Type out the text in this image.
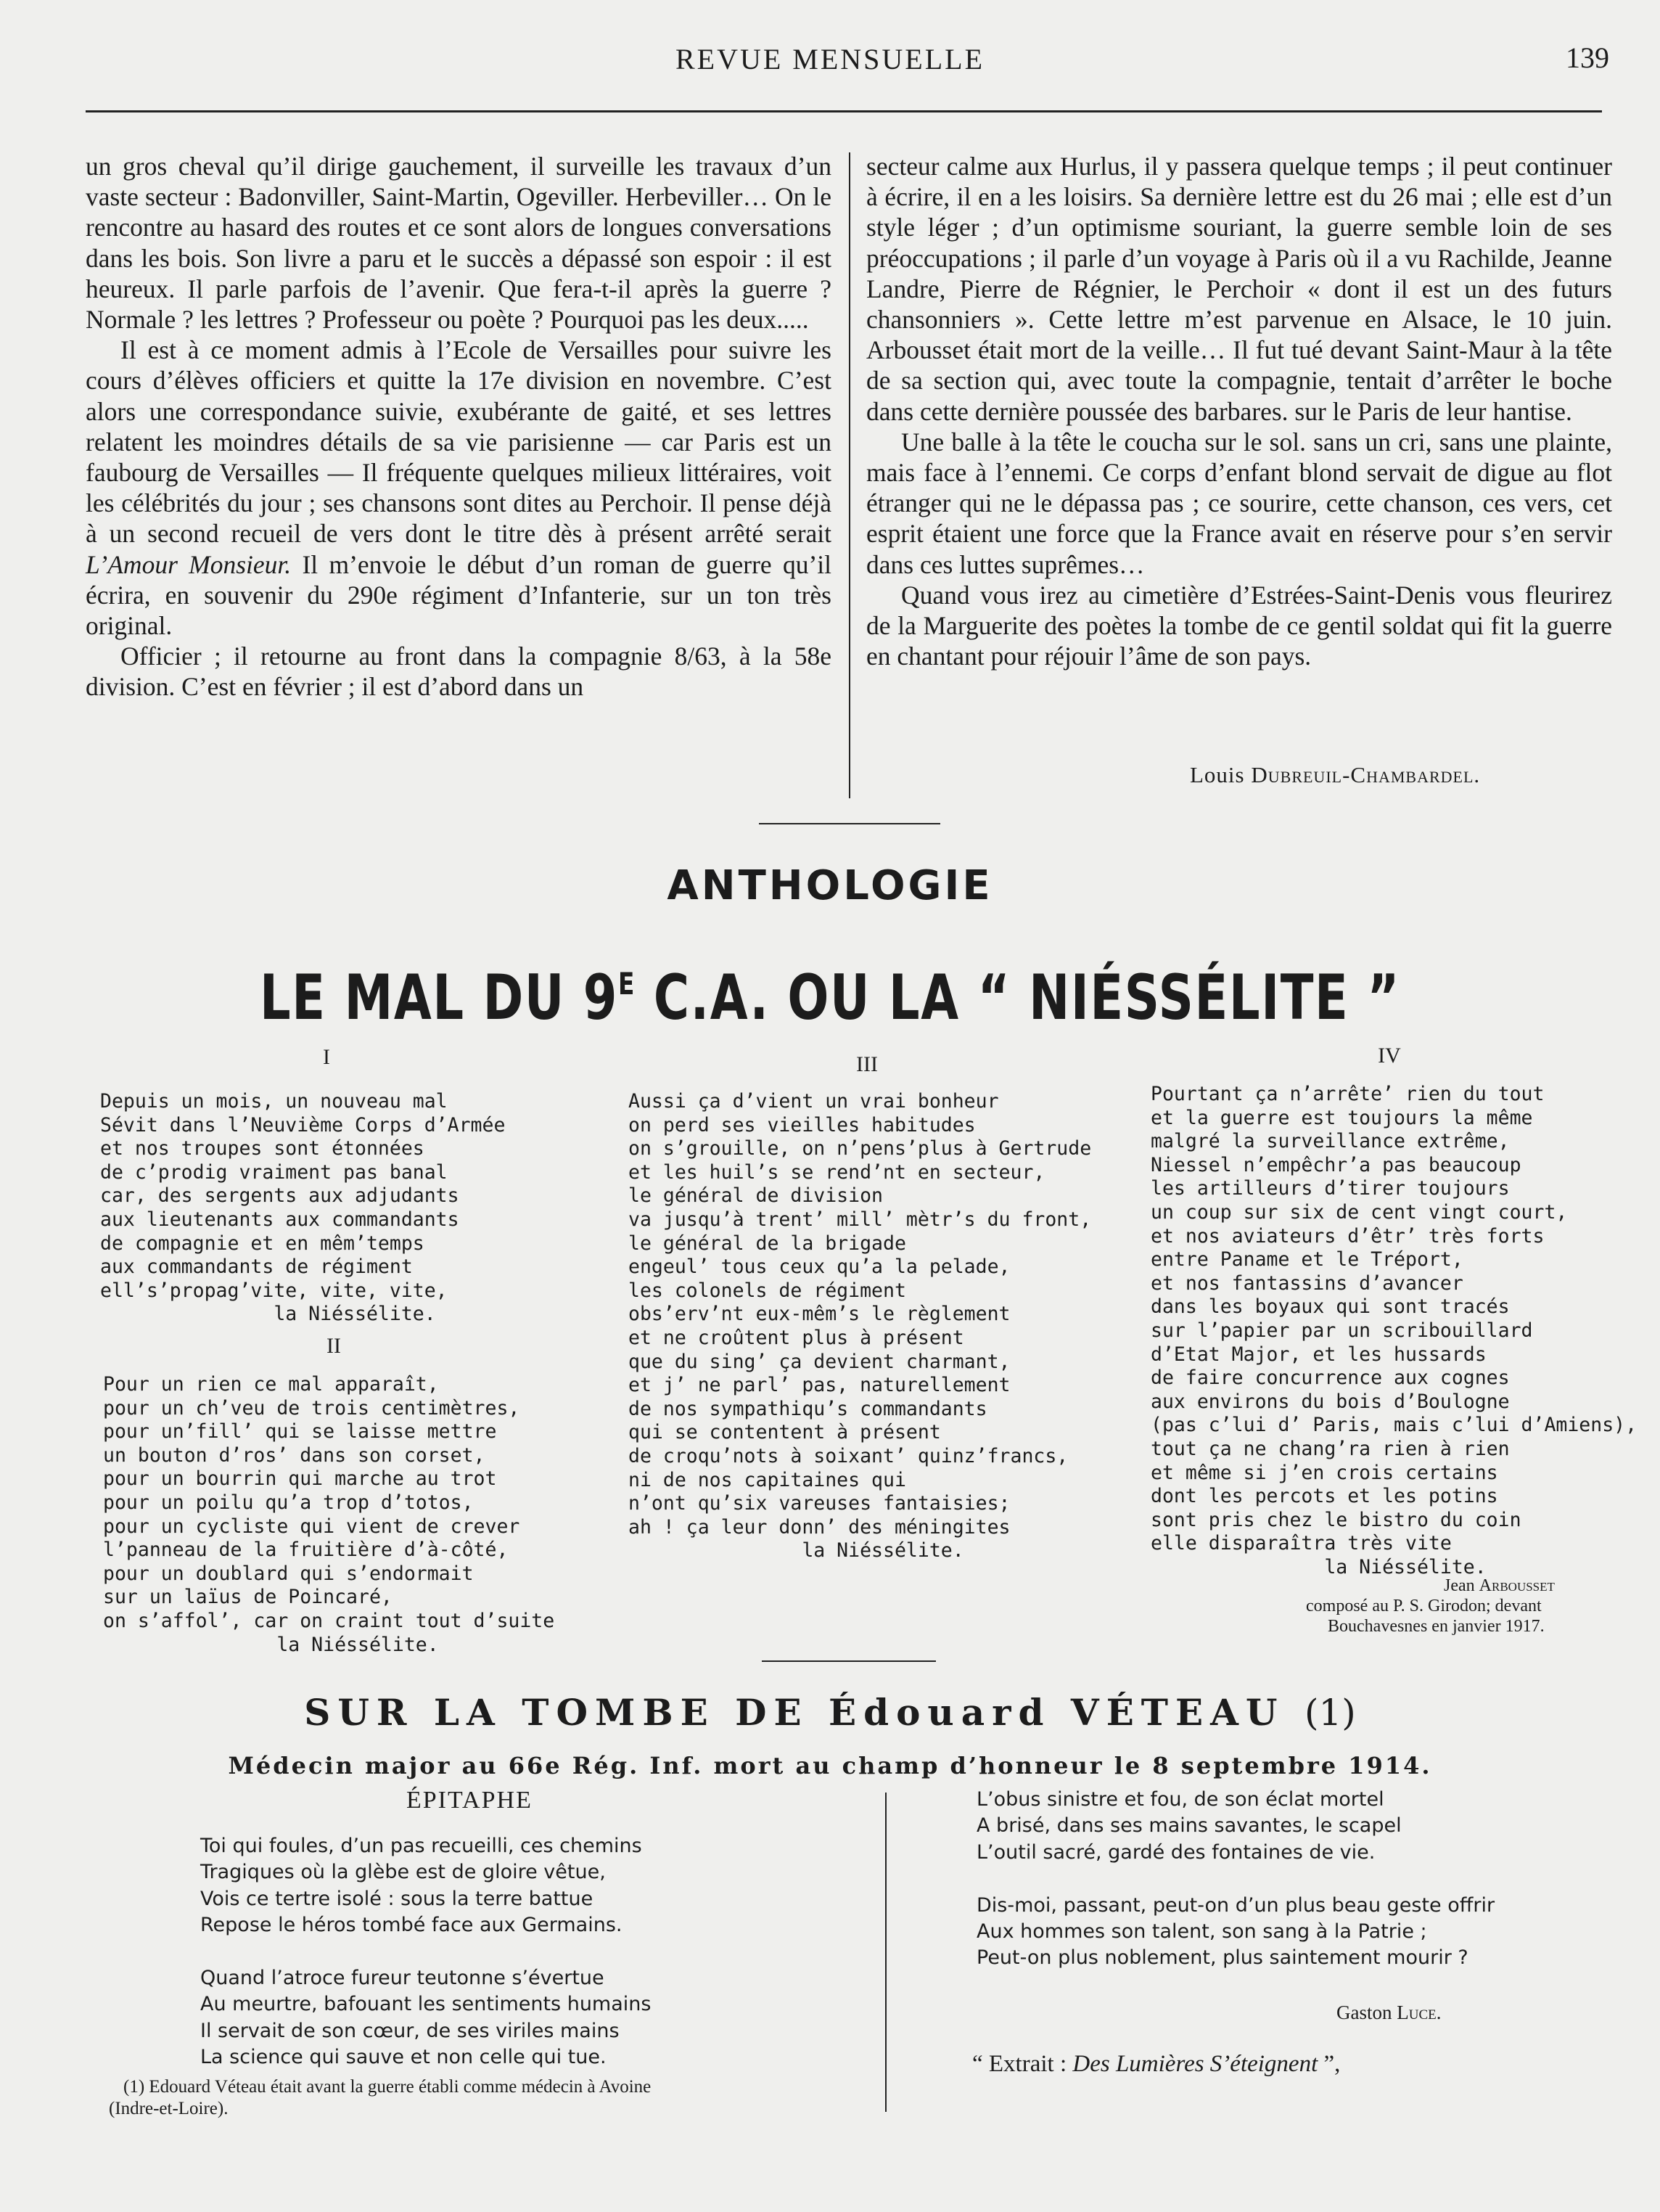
REVUE MENSUELLE	139

un gros cheval qu’il dirige gauchement, il surveille les travaux d’un vaste secteur : Badonviller, Saint-Martin, Ogeviller. Herbeviller… On le rencontre au hasard des routes et ce sont alors de longues conversations dans les bois. Son livre a paru et le succès a dépassé son espoir : il est heureux. Il parle parfois de l’avenir. Que fera-t-il après la guerre ? Normale ? les lettres ? Professeur ou poète ? Pourquoi pas les deux.....

Il est à ce moment admis à l’Ecole de Versailles pour suivre les cours d’élèves officiers et quitte la 17e division en novembre. C’est alors une correspondance suivie, exubérante de gaité, et ses lettres relatent les moindres détails de sa vie parisienne — car Paris est un faubourg de Versailles — Il fréquente quelques milieux littéraires, voit les célébrités du jour ; ses chansons sont dites au Perchoir. Il pense déjà à un second recueil de vers dont le titre dès à présent arrêté serait L’Amour Monsieur. Il m’envoie le début d’un roman de guerre qu’il écrira, en souvenir du 290e régiment d’Infanterie, sur un ton très original.

Officier ; il retourne au front dans la compagnie 8/63, à la 58e division. C’est en février ; il est d’abord dans un

secteur calme aux Hurlus, il y passera quelque temps ; il peut continuer à écrire, il en a les loisirs. Sa dernière lettre est du 26 mai ; elle est d’un style léger ; d’un optimisme souriant, la guerre semble loin de ses préoccupations ; il parle d’un voyage à Paris où il a vu Rachilde, Jeanne Landre, Pierre de Régnier, le Perchoir « dont il est un des futurs chansonniers ». Cette lettre m’est parvenue en Alsace, le 10 juin. Arbousset était mort de la veille… Il fut tué devant Saint-Maur à la tête de sa section qui, avec toute la compagnie, tentait d’arrêter le boche dans cette dernière poussée des barbares. sur le Paris de leur hantise.

Une balle à la tête le coucha sur le sol. sans un cri, sans une plainte, mais face à l’ennemi. Ce corps d’enfant blond servait de digue au flot étranger qui ne le dépassa pas ; ce sourire, cette chanson, ces vers, cet esprit étaient une force que la France avait en réserve pour s’en servir dans ces luttes suprêmes…

Quand vous irez au cimetière d’Estrées-Saint-Denis vous fleurirez de la Marguerite des poètes la tombe de ce gentil soldat qui fit la guerre en chantant pour réjouir l’âme de son pays.

Louis Dubreuil-Chambardel.
ANTHOLOGIE
LE MAL DU $9^E$ C.A. OU LA “ NIÉSSÉLITE ”
I
Depuis un mois, un nouveau mal
Sévit dans l’Neuvième Corps d’Armée
et nos troupes sont étonnées
de c’prodig vraiment pas banal
car, des sergents aux adjudants
aux lieutenants aux commandants
de compagnie et en mêm’temps
aux commandants de régiment
ell’s’propag’vite, vite, vite,
la Niéssélite.
II
Pour un rien ce mal apparaît,
pour un ch’veu de trois centimètres,
pour un’fill’ qui se laisse mettre
un bouton d’ros’ dans son corset,
pour un bourrin qui marche au trot
pour un poilu qu’a trop d’totos,
pour un cycliste qui vient de crever
l’panneau de la fruitière d’à-côté,
pour un doublard qui s’endormait
sur un laïus de Poincaré,
on s’affol’, car on craint tout d’suite
la Niéssélite.
III
Aussi ça d’vient un vrai bonheur
on perd ses vieilles habitudes
on s’grouille, on n’pens’plus à Gertrude
et les huil’s se rend’nt en secteur,
le général de division
va jusqu’à trent’ mill’ mètr’s du front,
le général de la brigade
engeul’ tous ceux qu’a la pelade,
les colonels de régiment
obs’erv’nt eux-mêm’s le règlement
et ne croûtent plus à présent
que du sing’ ça devient charmant,
et j’ ne parl’ pas, naturellement
de nos sympathiqu’s commandants
qui se contentent à présent
de croqu’nots à soixant’ quinz’francs,
ni de nos capitaines qui
n’ont qu’six vareuses fantaisies;
ah ! ça leur donn’ des méningites
la Niéssélite.
IV
Pourtant ça n’arrête’ rien du tout
et la guerre est toujours la même
malgré la surveillance extrême,
Niessel n’empêchr’a pas beaucoup
les artilleurs d’tirer toujours
un coup sur six de cent vingt court,
et nos aviateurs d’êtr’ très forts
entre Paname et le Tréport,
et nos fantassins d’avancer
dans les boyaux qui sont tracés
sur l’papier par un scribouillard
d’Etat Major, et les hussards
de faire concurrence aux cognes
aux environs du bois d’Boulogne
(pas c’lui d’ Paris, mais c’lui d’Amiens),
tout ça ne chang’ra rien à rien
et même si j’en crois certains
dont les percots et les potins
sont pris chez le bistro du coin
elle disparaîtra très vite
la Niéssélite.
Jean Arbousset
composé au P. S. Girodon; devant
Bouchavesnes en janvier 1917.
SUR LA TOMBE DE Édouard VÉTEAU (1)
Médecin major au 66e Rég. Inf. mort au champ d’honneur le 8 septembre 1914.
ÉPITAPHE
Toi qui foules, d’un pas recueilli, ces chemins
Tragiques où la glèbe est de gloire vêtue,
Vois ce tertre isolé : sous la terre battue
Repose le héros tombé face aux Germains.

Quand l’atroce fureur teutonne s’évertue
Au meurtre, bafouant les sentiments humains
Il servait de son cœur, de ses viriles mains
La science qui sauve et non celle qui tue.
L’obus sinistre et fou, de son éclat mortel
A brisé, dans ses mains savantes, le scapel
L’outil sacré, gardé des fontaines de vie.

Dis-moi, passant, peut-on d’un plus beau geste offrir
Aux hommes son talent, son sang à la Patrie ;
Peut-on plus noblement, plus saintement mourir ?
Gaston Luce.
“ Extrait : Des Lumières S’éteignent ”,
(1) Edouard Véteau était avant la guerre établi comme médecin à Avoine
(Indre-et-Loire).
